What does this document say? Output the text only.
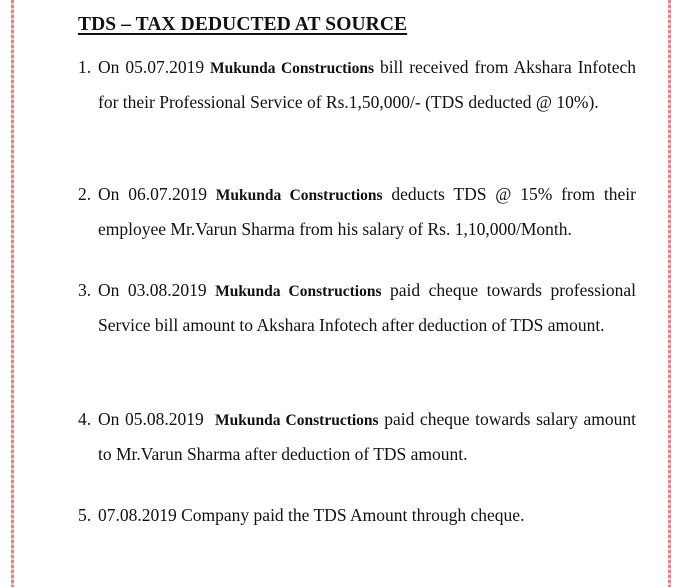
TDS – TAX DEDUCTED AT SOURCE
1. On 05.07.2019 Mukunda Constructions bill received from Akshara Infotech for their Professional Service of Rs.1,50,000/- (TDS deducted @ 10%).
2. On 06.07.2019 Mukunda Constructions deducts TDS @ 15% from their employee Mr.Varun Sharma from his salary of Rs. 1,10,000/Month.
3. On 03.08.2019 Mukunda Constructions paid cheque towards professional Service bill amount to Akshara Infotech after deduction of TDS amount.
4. On 05.08.2019  Mukunda Constructions paid cheque towards salary amount to Mr.Varun Sharma after deduction of TDS amount.
5. 07.08.2019 Company paid the TDS Amount through cheque.
